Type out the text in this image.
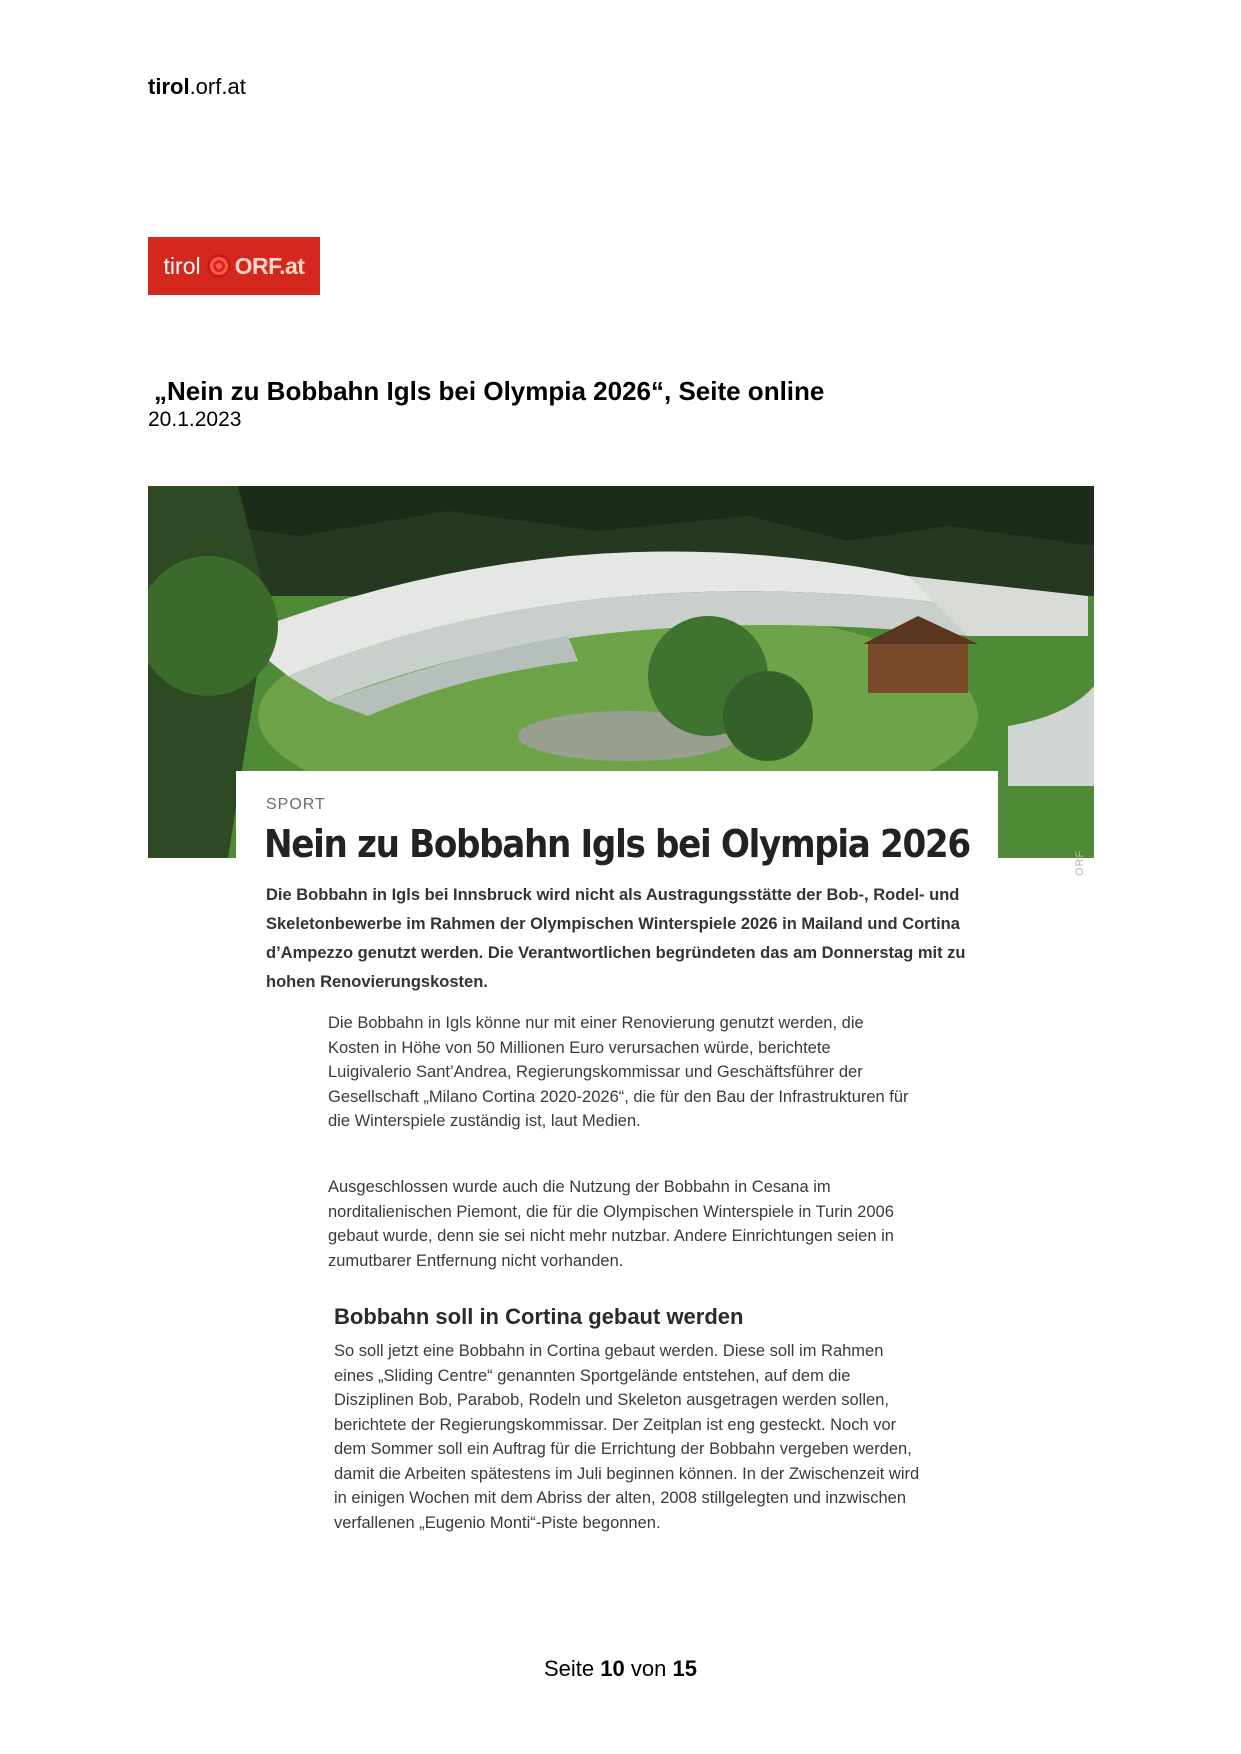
tirol.orf.at
tirol ORF.at
„Nein zu Bobbahn Igls bei Olympia 2026“, Seite online
20.1.2023
ORF
SPORT
Nein zu Bobbahn Igls bei Olympia 2026
Die Bobbahn in Igls bei Innsbruck wird nicht als Austragungsstätte der Bob-, Rodel- und Skeletonbewerbe im Rahmen der Olympischen Winterspiele 2026 in Mailand und Cortina d’Ampezzo genutzt werden. Die Verantwortlichen begründeten das am Donnerstag mit zu hohen Renovierungskosten.

Die Bobbahn in Igls könne nur mit einer Renovierung genutzt werden, die Kosten in Höhe von 50 Millionen Euro verursachen würde, berichtete Luigivalerio Sant’Andrea, Regierungskommissar und Geschäftsführer der Gesellschaft „Milano Cortina 2020-2026“, die für den Bau der Infrastrukturen für die Winterspiele zuständig ist, laut Medien.

Ausgeschlossen wurde auch die Nutzung der Bobbahn in Cesana im norditalienischen Piemont, die für die Olympischen Winterspiele in Turin 2006 gebaut wurde, denn sie sei nicht mehr nutzbar. Andere Einrichtungen seien in zumutbarer Entfernung nicht vorhanden.

Bobbahn soll in Cortina gebaut werden

So soll jetzt eine Bobbahn in Cortina gebaut werden. Diese soll im Rahmen eines „Sliding Centre“ genannten Sportgelände entstehen, auf dem die Disziplinen Bob, Parabob, Rodeln und Skeleton ausgetragen werden sollen, berichtete der Regierungskommissar. Der Zeitplan ist eng gesteckt. Noch vor dem Sommer soll ein Auftrag für die Errichtung der Bobbahn vergeben werden, damit die Arbeiten spätestens im Juli beginnen können. In der Zwischenzeit wird in einigen Wochen mit dem Abriss der alten, 2008 stillgelegten und inzwischen verfallenen „Eugenio Monti“-Piste begonnen.

Seite 10 von 15
